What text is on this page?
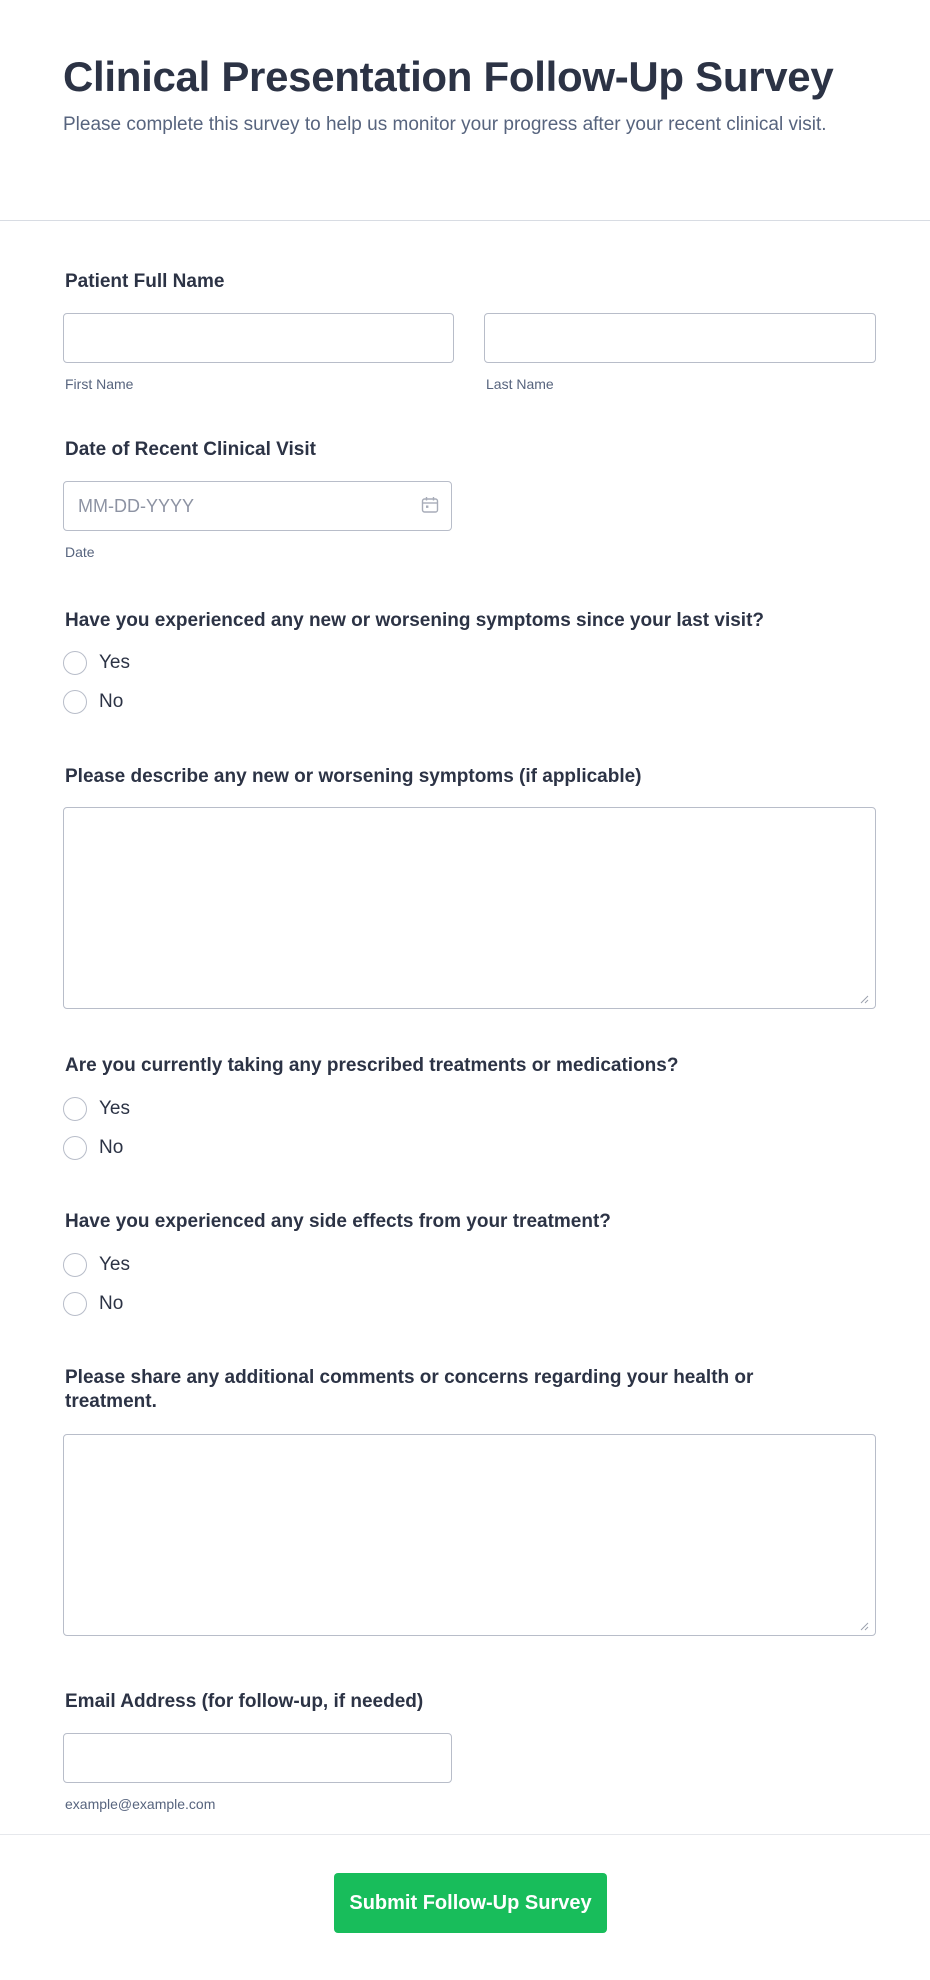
Clinical Presentation Follow-Up Survey

Please complete this survey to help us monitor your progress after your recent clinical visit.

Patient Full Name
First Name	Last Name
Date of Recent Clinical Visit
MM-DD-YYYY
Date
Have you experienced any new or worsening symptoms since your last visit?
Yes
No
Please describe any new or worsening symptoms (if applicable)
Are you currently taking any prescribed treatments or medications?
Yes
No
Have you experienced any side effects from your treatment?
Yes
No
Please share any additional comments or concerns regarding your health or
treatment.
Email Address (for follow-up, if needed)
example@example.com
Submit Follow-Up Survey
